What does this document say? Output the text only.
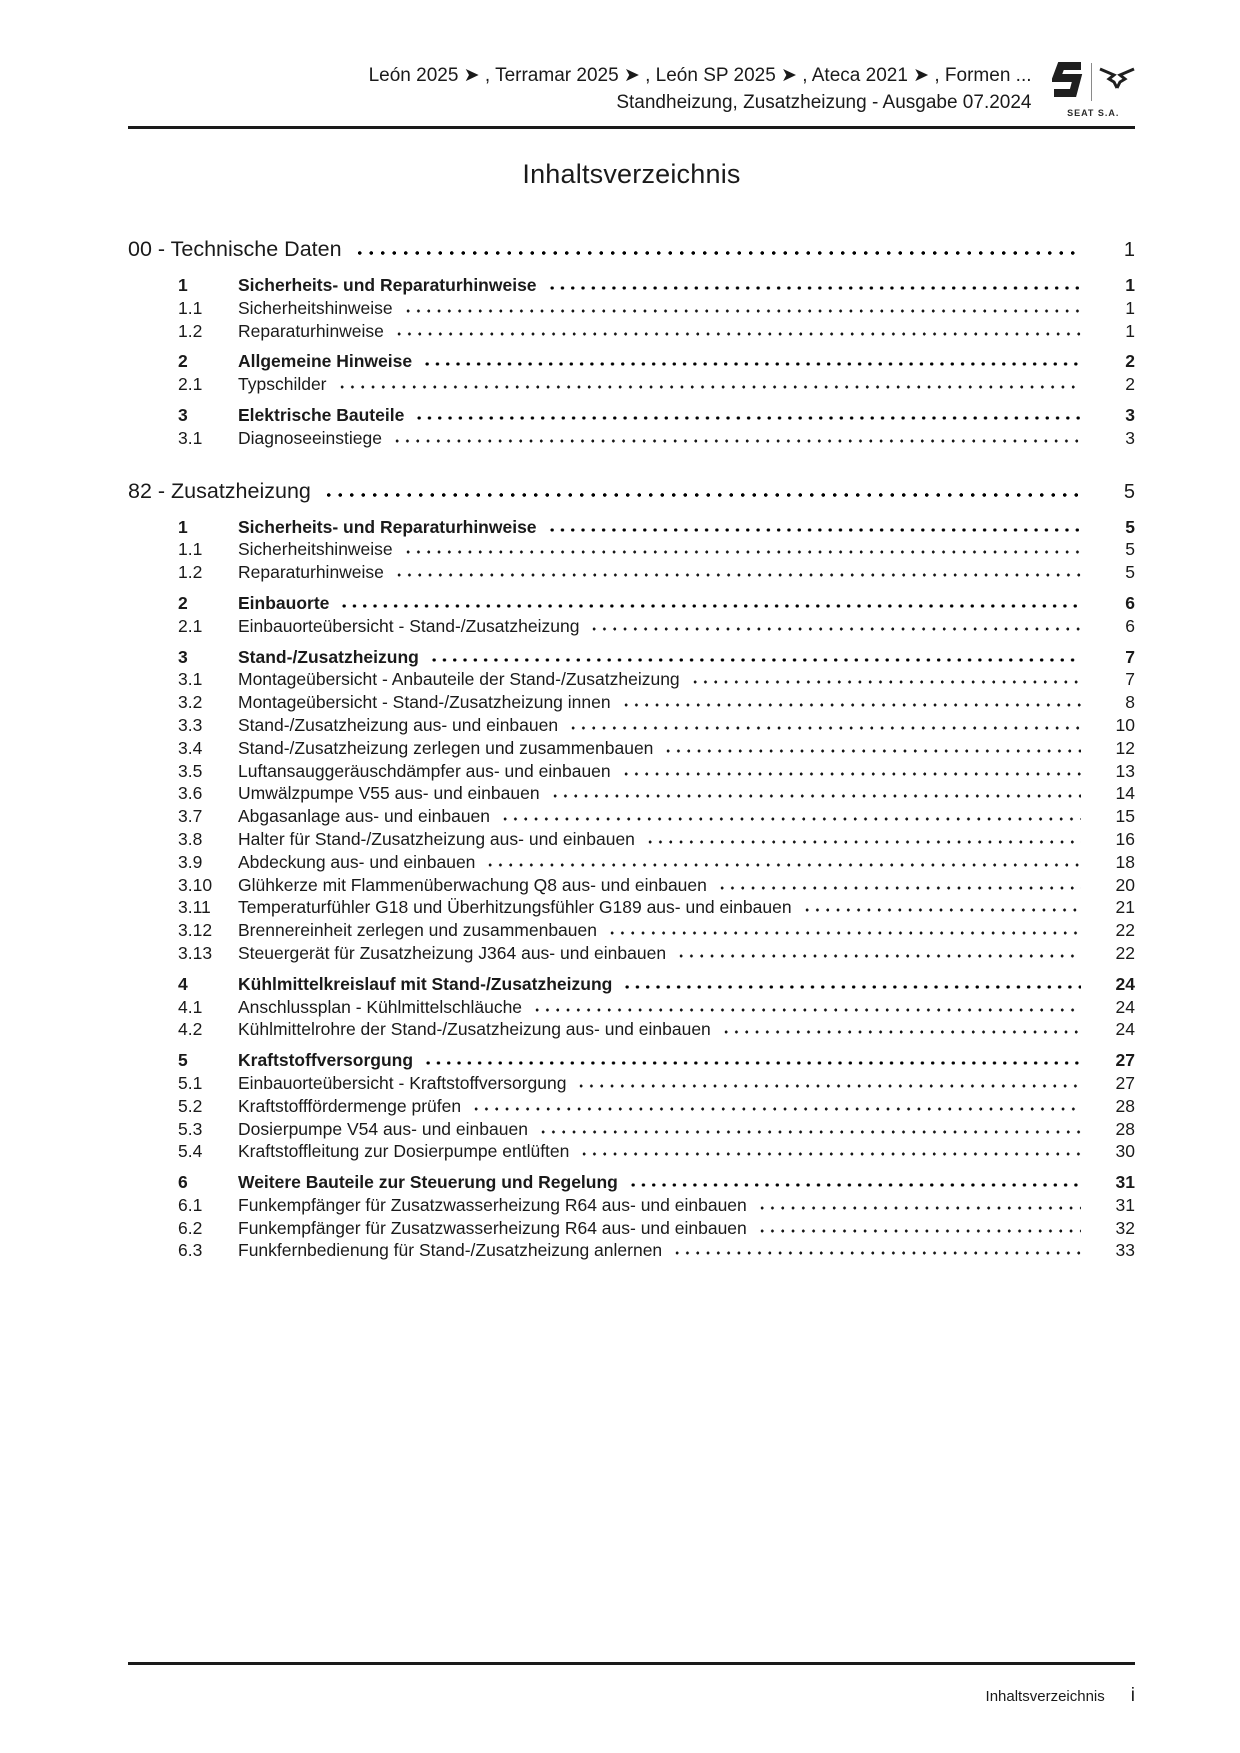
León 2025 ➤ , Terramar 2025 ➤ , León SP 2025 ➤ , Ateca 2021 ➤ , Formen ...
Standheizung, Zusatzheizung - Ausgabe 07.2024	SEAT S.A.
Inhaltsverzeichnis
00 - Technische Daten	1
1	Sicherheits- und Reparaturhinweise	1
1.1	Sicherheitshinweise	1
1.2	Reparaturhinweise	1
2	Allgemeine Hinweise	2
2.1	Typschilder	2
3	Elektrische Bauteile	3
3.1	Diagnoseeinstiege	3
82 - Zusatzheizung	5
1	Sicherheits- und Reparaturhinweise	5
1.1	Sicherheitshinweise	5
1.2	Reparaturhinweise	5
2	Einbauorte	6
2.1	Einbauorteübersicht - Stand-/Zusatzheizung	6
3	Stand-/Zusatzheizung	7
3.1	Montageübersicht - Anbauteile der Stand-/Zusatzheizung	7
3.2	Montageübersicht - Stand-/Zusatzheizung innen	8
3.3	Stand-/Zusatzheizung aus- und einbauen	10
3.4	Stand-/Zusatzheizung zerlegen und zusammenbauen	12
3.5	Luftansauggeräuschdämpfer aus- und einbauen	13
3.6	Umwälzpumpe V55 aus- und einbauen	14
3.7	Abgasanlage aus- und einbauen	15
3.8	Halter für Stand-/Zusatzheizung aus- und einbauen	16
3.9	Abdeckung aus- und einbauen	18
3.10	Glühkerze mit Flammenüberwachung Q8 aus- und einbauen	20
3.11	Temperaturfühler G18 und Überhitzungsfühler G189 aus- und einbauen	21
3.12	Brennereinheit zerlegen und zusammenbauen	22
3.13	Steuergerät für Zusatzheizung J364 aus- und einbauen	22
4	Kühlmittelkreislauf mit Stand-/Zusatzheizung	24
4.1	Anschlussplan - Kühlmittelschläuche	24
4.2	Kühlmittelrohre der Stand-/Zusatzheizung aus- und einbauen	24
5	Kraftstoffversorgung	27
5.1	Einbauorteübersicht - Kraftstoffversorgung	27
5.2	Kraftstofffördermenge prüfen	28
5.3	Dosierpumpe V54 aus- und einbauen	28
5.4	Kraftstoffleitung zur Dosierpumpe entlüften	30
6	Weitere Bauteile zur Steuerung und Regelung	31
6.1	Funkempfänger für Zusatzwasserheizung R64 aus- und einbauen	31
6.2	Funkempfänger für Zusatzwasserheizung R64 aus- und einbauen	32
6.3	Funkfernbedienung für Stand-/Zusatzheizung anlernen	33
Inhaltsverzeichnis i
